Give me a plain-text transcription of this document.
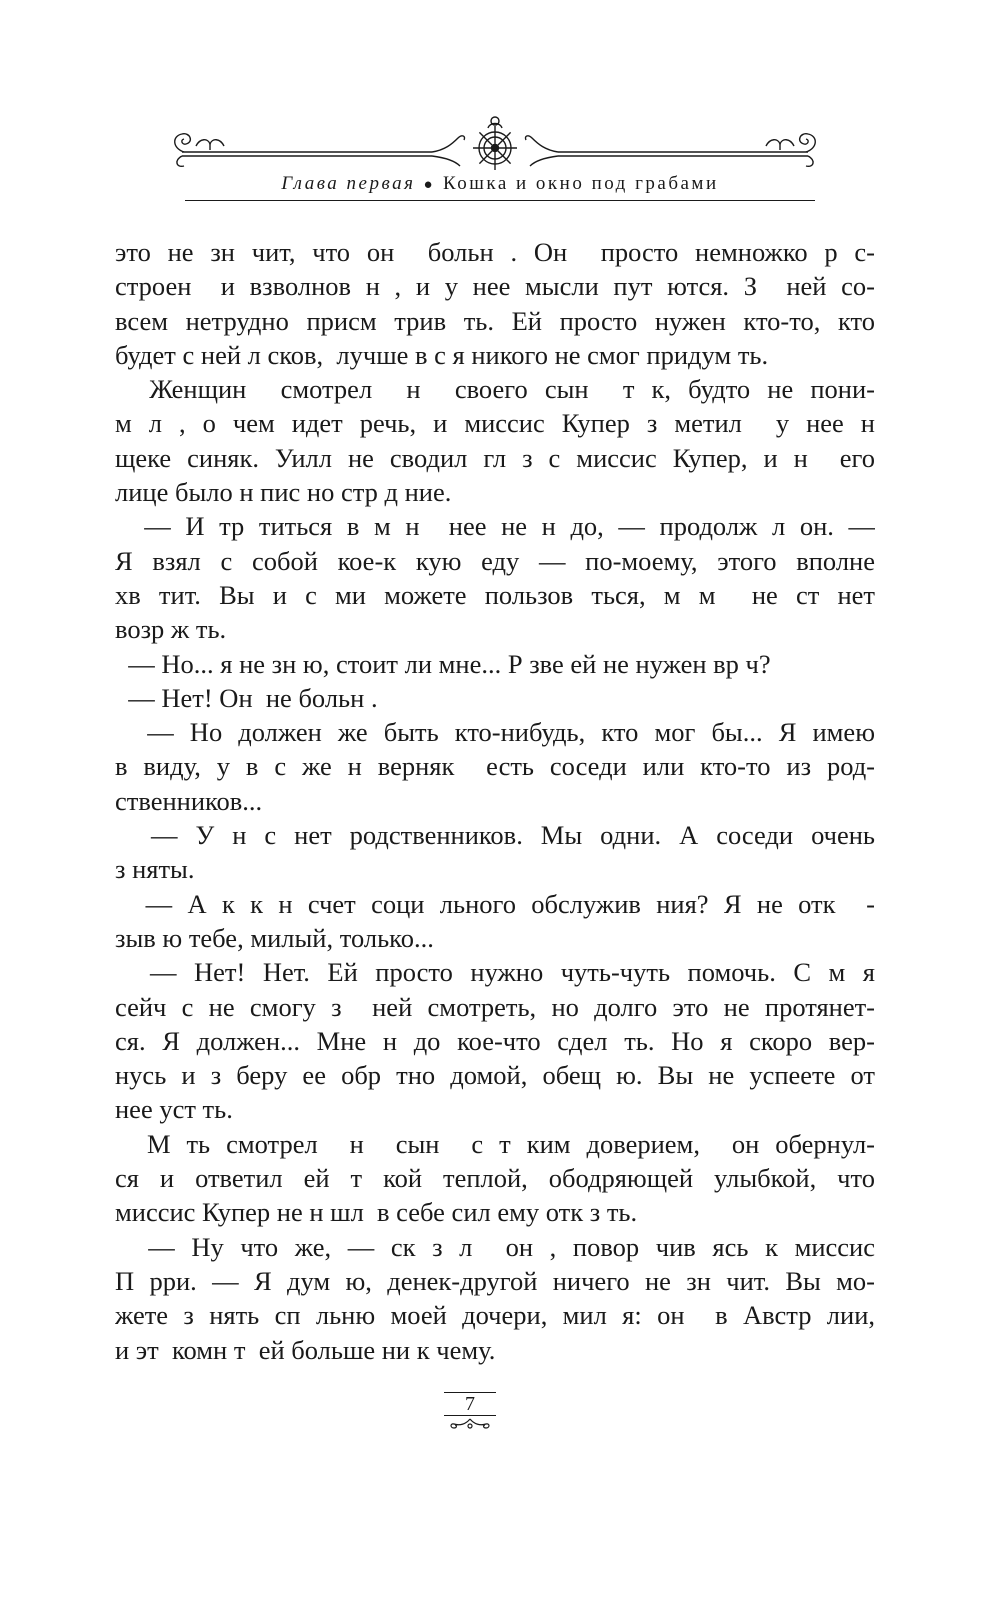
Глава первая ● Кошка и окно под грабами
это не зн чит, что он  больн . Он  просто немножко р с-
строен  и взволнов н , и у нее мысли пут ются. З  ней со-
всем нетрудно присм трив ть. Ей просто нужен кто-то, кто
будет с ней л сков,  лучше в с я никого не смог придум ть.
Женщин  смотрел  н  своего сын  т к, будто не пони-
м л , о чем идет речь, и миссис Купер з метил  у нее н
щеке синяк. Уилл не сводил гл з с миссис Купер, и н  его
лице было н пис но стр д ние.
— И тр титься в м н  нее не н до, — продолж л он. —
Я взял с собой кое-к кую еду — по-моему, этого вполне
хв тит. Вы и с ми можете пользов ться, м м  не ст нет
возр ж ть.
— Но... я не зн ю, стоит ли мне... Р зве ей не нужен вр ч?
— Нет! Он  не больн .
— Но должен же быть кто-нибудь, кто мог бы... Я имею
в виду, у в с же н верняк  есть соседи или кто-то из род-
ственников...
— У н с нет родственников. Мы одни. А соседи очень
з няты.
— А к к н счет соци льного обслужив ния? Я не отк  -
зыв ю тебе, милый, только...
— Нет! Нет. Ей просто нужно чуть-чуть помочь. С м я
сейч с не смогу з  ней смотреть, но долго это не протянет-
ся. Я должен... Мне н до кое-что сдел ть. Но я скоро вер-
нусь и з беру ее обр тно домой, обещ ю. Вы не успеете от
нее уст ть.
М ть смотрел  н  сын  с т ким доверием,  он обернул-
ся и ответил ей т кой теплой, ободряющей улыбкой, что
миссис Купер не н шл  в себе сил ему отк з ть.
— Ну что же, — ск з л  он , повор чив ясь к миссис
П рри. — Я дум ю, денек-другой ничего не зн чит. Вы мо-
жете з нять сп льню моей дочери, мил я: он  в Австр лии,
и эт  комн т  ей больше ни к чему.
7
